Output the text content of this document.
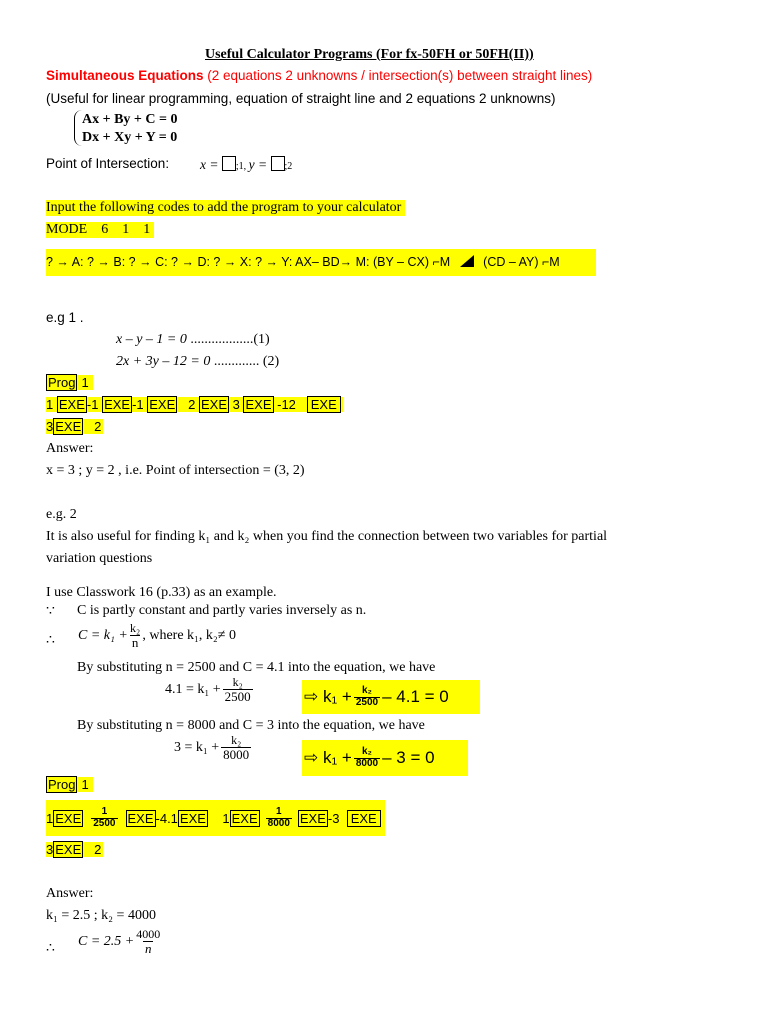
Useful Calculator Programs (For fx-50FH or 50FH(II))
Simultaneous Equations (2 equations 2 unknowns / intersection(s) between straight lines)
(Useful for linear programming, equation of straight line and 2 equations 2 unknowns)
Ax + By + C = 0
Dx + Xy + Y = 0
Point of Intersection: x = ;1, y = ;2
Input the following codes to add the program to your calculator
MODE    6    1    1
? → A: ? → B: ? → C: ? → D: ? → X: ? → Y: AX– BD→ M: (BY – CX) ⌐M	(CD – AY) ⌐M
e.g 1 .
x – y – 1 = 0 ..................(1)
2x + 3y – 12 = 0 ............. (2)
Prog 1
1 EXE -1 EXE -1 EXE 2 EXE 3 EXE -12 EXE
3 EXE 2
Answer:
x = 3 ; y = 2 , i.e. Point of intersection = (3, 2)
e.g. 2
It is also useful for finding k₁ and k₂ when you find the connection between two variables for partial
variation questions
I use Classwork 16 (p.33) as an example.
∵ C is partly constant and partly varies inversely as n.
∴ $C = k_1 + \frac{\text{k₂}}{n}$ , where k₁, k₂≠ 0
By substituting n = 2500 and C = 4.1 into the equation, we have
$4.1 = k_1 + \frac{\text{k₂}}{2500}$	⇨ $k_1 + \frac{\text{k₂}}{2500} - 4.1 = 0$
By substituting n = 8000 and C = 3 into the equation, we have
$3 = k_1 + \frac{\text{k₂}}{8000}$	⇨ $k_1 + \frac{\text{k₂}}{8000} - 3 = 0$
Prog 1
1 EXE $\frac{1}{2500}$ EXE -4.1 EXE
1 EXE $\frac{1}{8000}$ EXE -3
EXE
3 EXE 2
Answer:
k₁ = 2.5 ; k₂ = 4000
∴ $C = 2.5 + \frac{4000}{n}$
